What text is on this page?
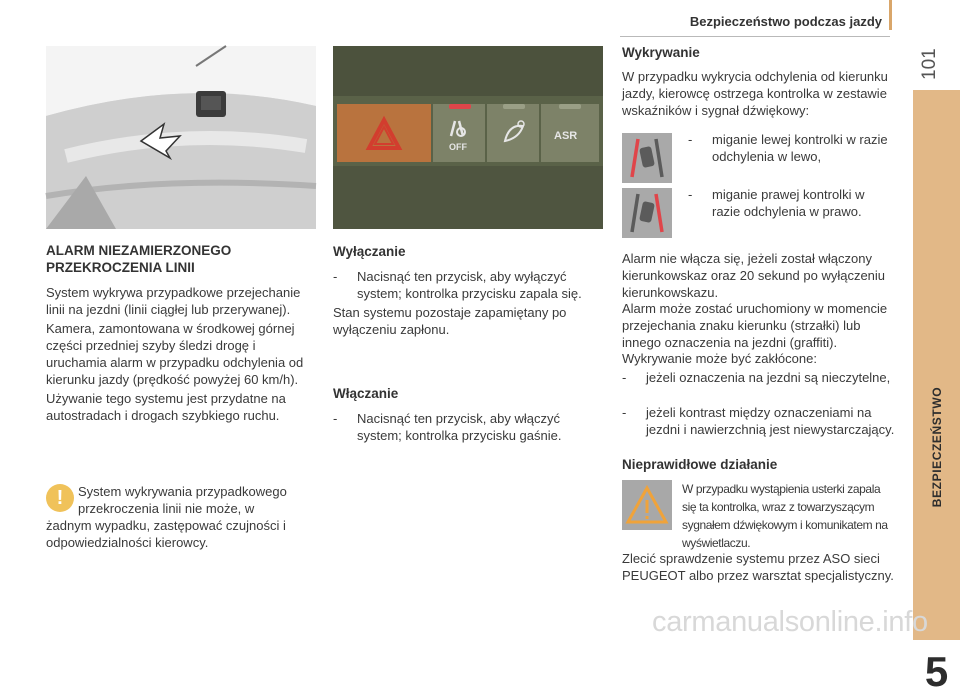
Bezpieczeństwo podczas jazdy
101
BEZPIECZEŃSTWO
5
OFF
ASR
ALARM NIEZAMIERZONEGO PRZEKROCZENIA LINII
System wykrywa przypadkowe przejechanie linii na jezdni (linii ciągłej lub przerywanej).
Kamera, zamontowana w środkowej górnej części przedniej szyby śledzi drogę i uruchamia alarm w przypadku odchylenia od kierunku jazdy (prędkość powyżej 60 km/h).
Używanie tego systemu jest przydatne na autostradach i drogach szybkiego ruchu.
!	System wykrywania przypadkowego
przekroczenia linii nie może, w
żadnym wypadku, zastępować czujności i odpowiedzialności kierowcy.
Wyłączanie
-	Nacisnąć ten przycisk, aby wyłączyć system; kontrolka przycisku zapala się.
Stan systemu pozostaje zapamiętany po wyłączeniu zapłonu.
Włączanie
-	Nacisnąć ten przycisk, aby włączyć system; kontrolka przycisku gaśnie.
Wykrywanie
W przypadku wykrycia odchylenia od kierunku jazdy, kierowcę ostrzega kontrolka w zestawie wskaźników i sygnał dźwiękowy:
-	miganie lewej kontrolki w razie odchylenia w lewo,
-	miganie prawej kontrolki w razie odchylenia w prawo.
Alarm nie włącza się, jeżeli został włączony kierunkowskaz oraz 20 sekund po wyłączeniu kierunkowskazu.
Alarm może zostać uruchomiony w momencie przejechania znaku kierunku (strzałki) lub innego oznaczenia na jezdni (graffiti).
Wykrywanie może być zakłócone:
-	jeżeli oznaczenia na jezdni są nieczytelne,
-	jeżeli kontrast między oznaczeniami na jezdni i nawierzchnią jest niewystarczający.
Nieprawidłowe działanie
W przypadku wystąpienia usterki zapala się ta kontrolka, wraz z towarzyszącym sygnałem dźwiękowym i komunikatem na wyświetlaczu.
Zlecić sprawdzenie systemu przez ASO sieci PEUGEOT albo przez warsztat specjalistyczny.
carmanualsonline.info
